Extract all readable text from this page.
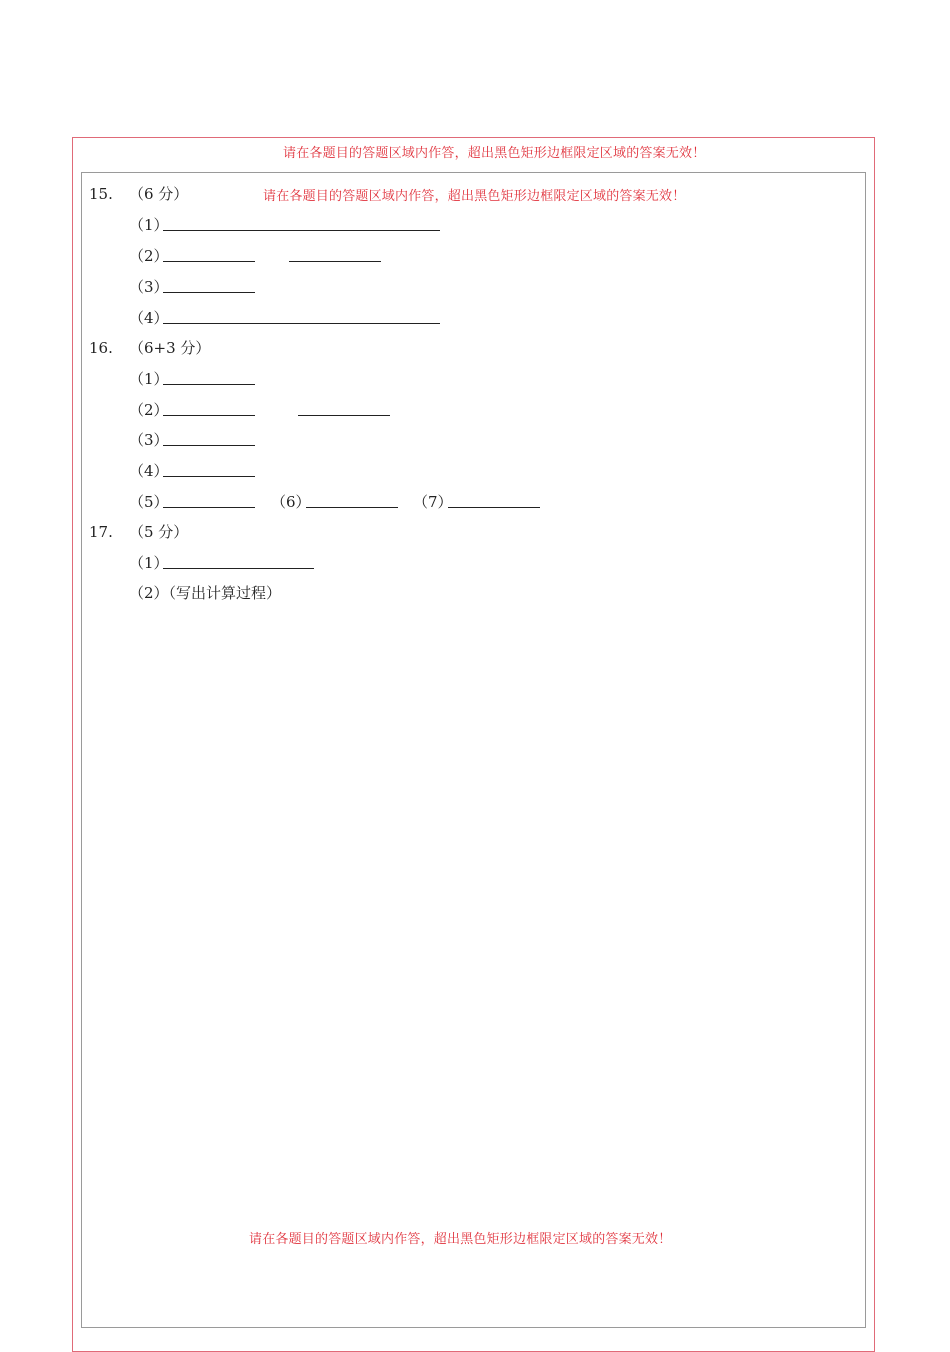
请在各题目的答题区域内作答，超出黑色矩形边框限定区域的答案无效！
请在各题目的答题区域内作答，超出黑色矩形边框限定区域的答案无效！
请在各题目的答题区域内作答，超出黑色矩形边框限定区域的答案无效！
15. （6 分）
（1）
（2）
（3）
（4）
16. （6+3 分）
（1）
（2）
（3）
（4）
（5）	（6）	（7）
17. （5 分）
（1）
（2）（写出计算过程）
